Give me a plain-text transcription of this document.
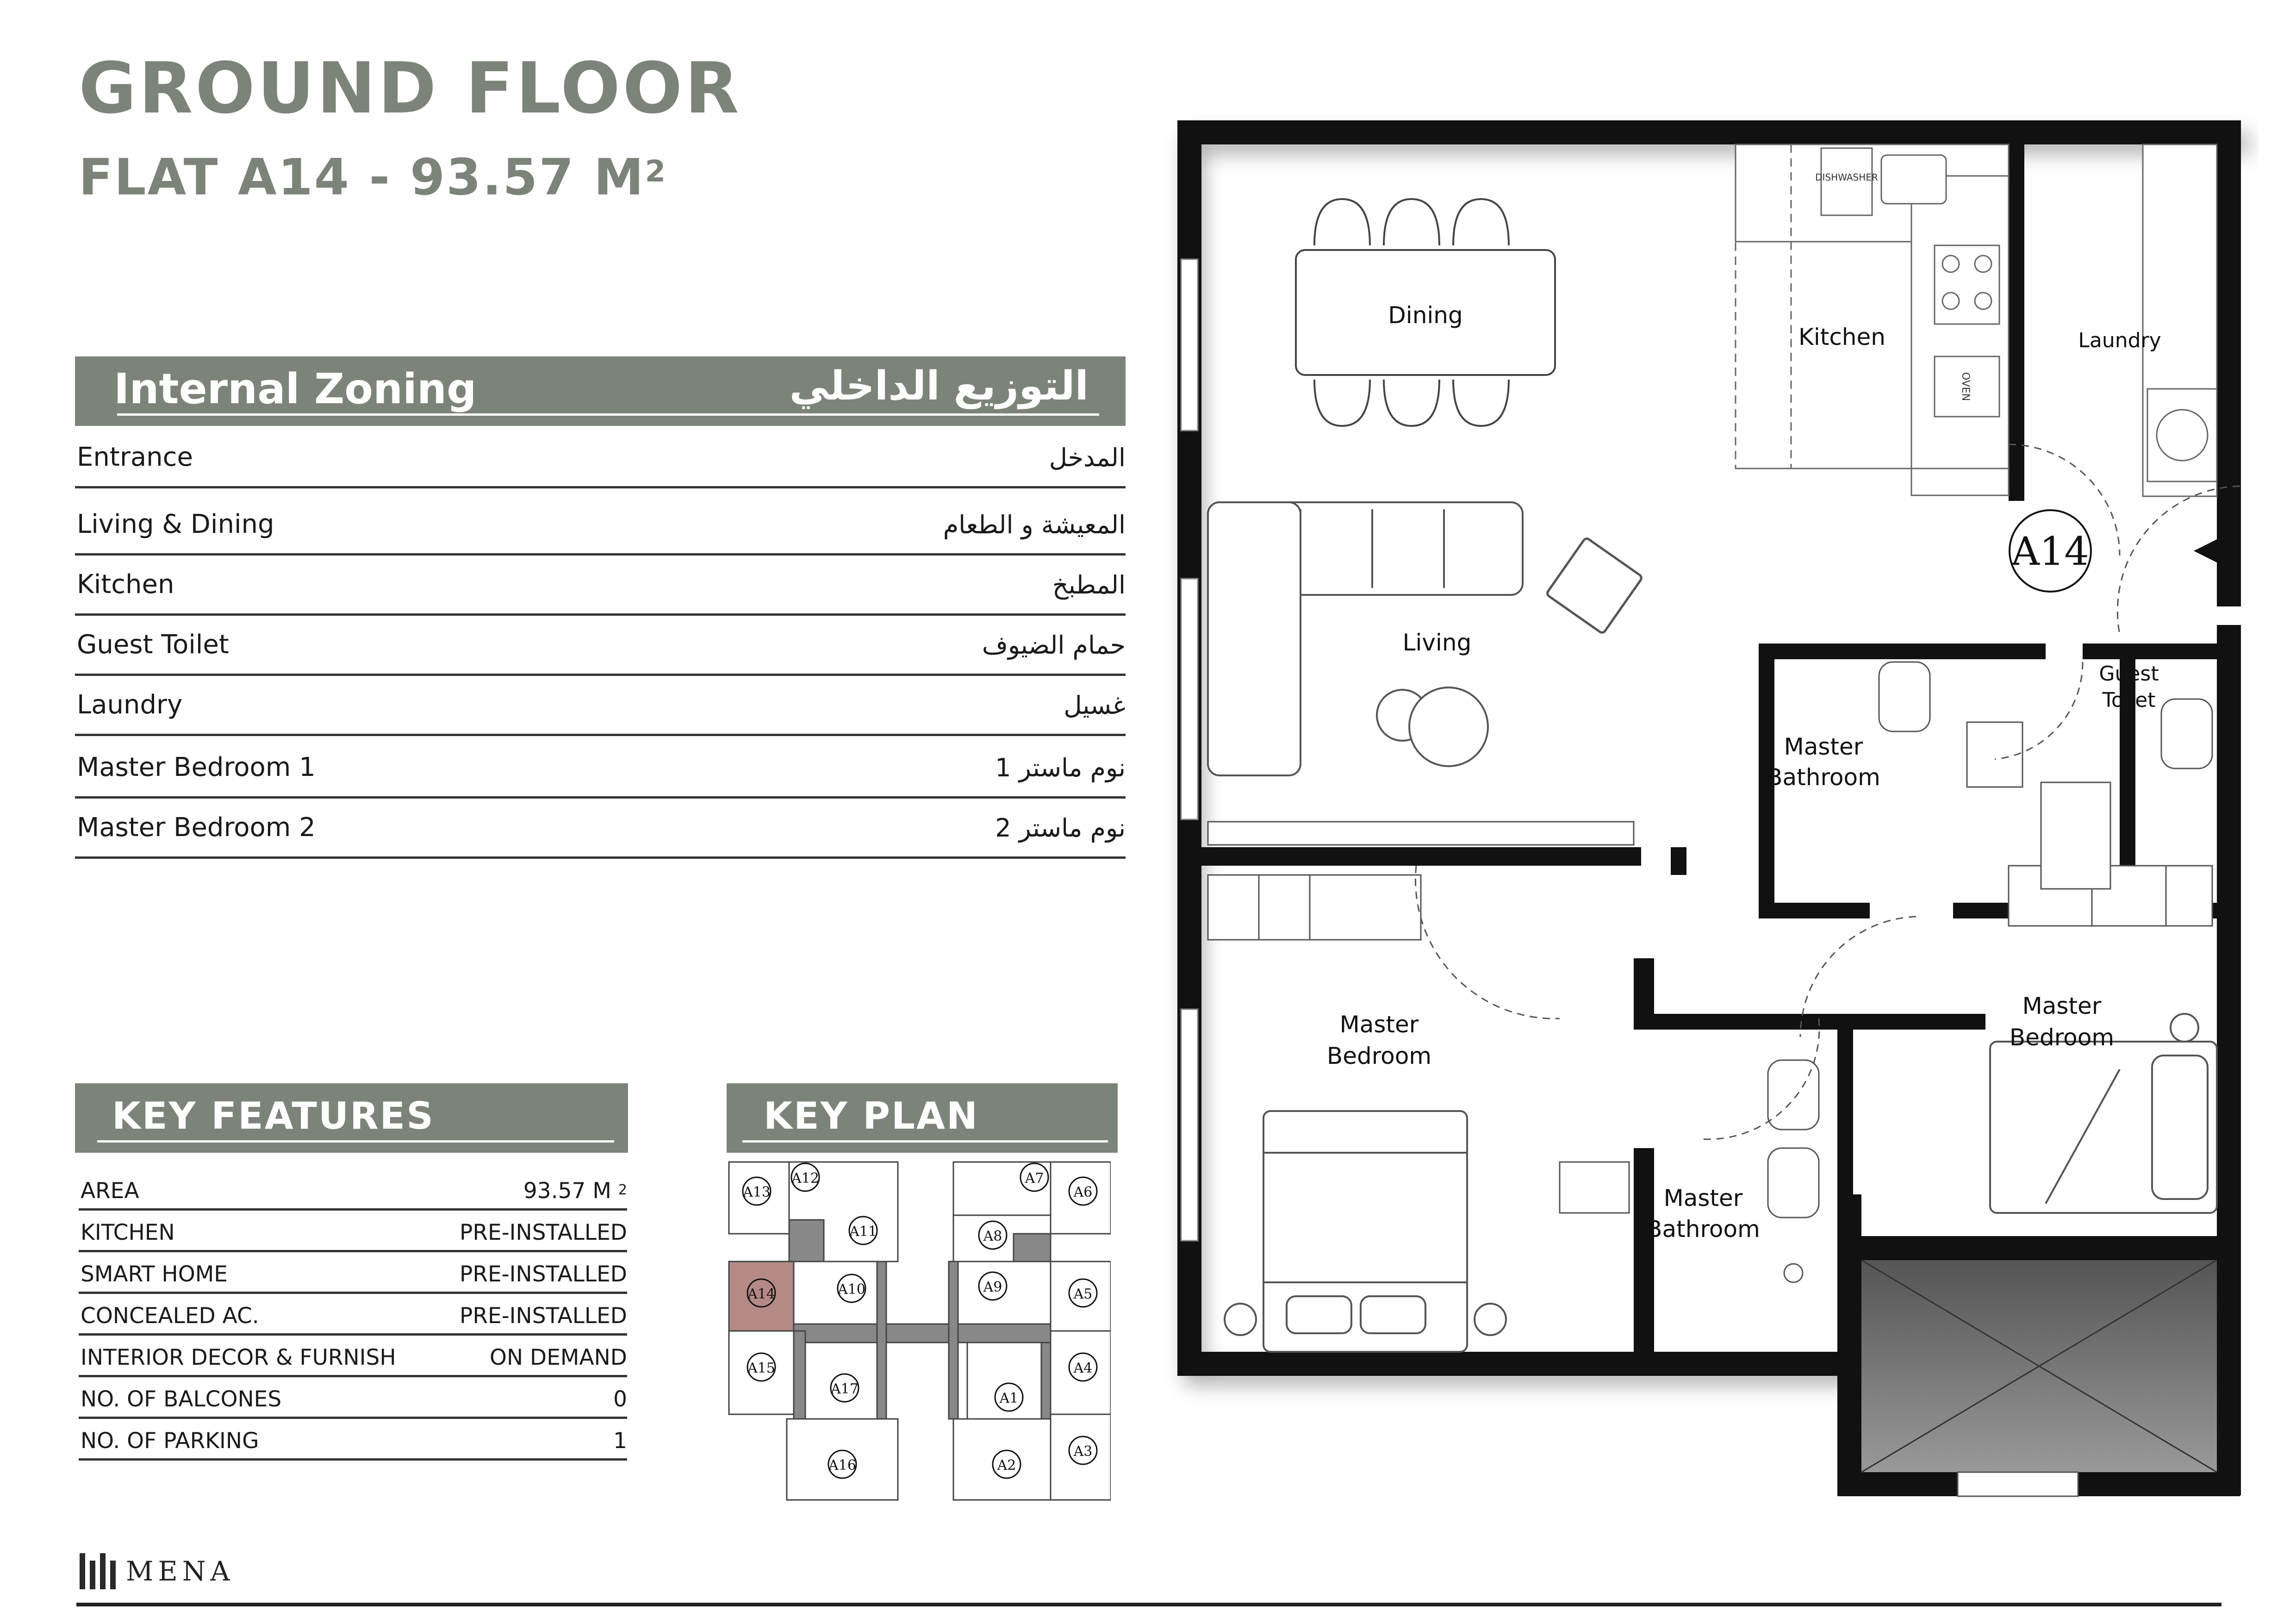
GROUND FLOOR
FLAT A14 - 93.57 $M^2$
Internal Zoning	التوزيع الداخلي
Entrance	المدخل
Living & Dining	المعيشة و الطعام
Kitchen	المطبخ
Guest Toilet	حمام الضيوف
Laundry	غسيل
Master Bedroom 1	نوم ماستر 1
Master Bedroom 2	نوم ماستر 2
KEY FEATURES
AREA	93.57 M $^2$
KITCHEN	PRE-INSTALLED
SMART HOME	PRE-INSTALLED
CONCEALED AC.	PRE-INSTALLED
INTERIOR DECOR & FURNISH	ON DEMAND
NO. OF BALCONES	0
NO. OF PARKING	1
KEY PLAN
A13
A12
A11
A14	A10
A15
A17
A16
A7
A6
A8
A9	A5
A4
A1
A2
A3
DISHWASHER
OVEN
A14
Dining
Kitchen	Laundry
Living
Guest
Toilet
Master
Bathroom
Master
Bedroom
Master
Bedroom
Master
Bathroom
MENA
